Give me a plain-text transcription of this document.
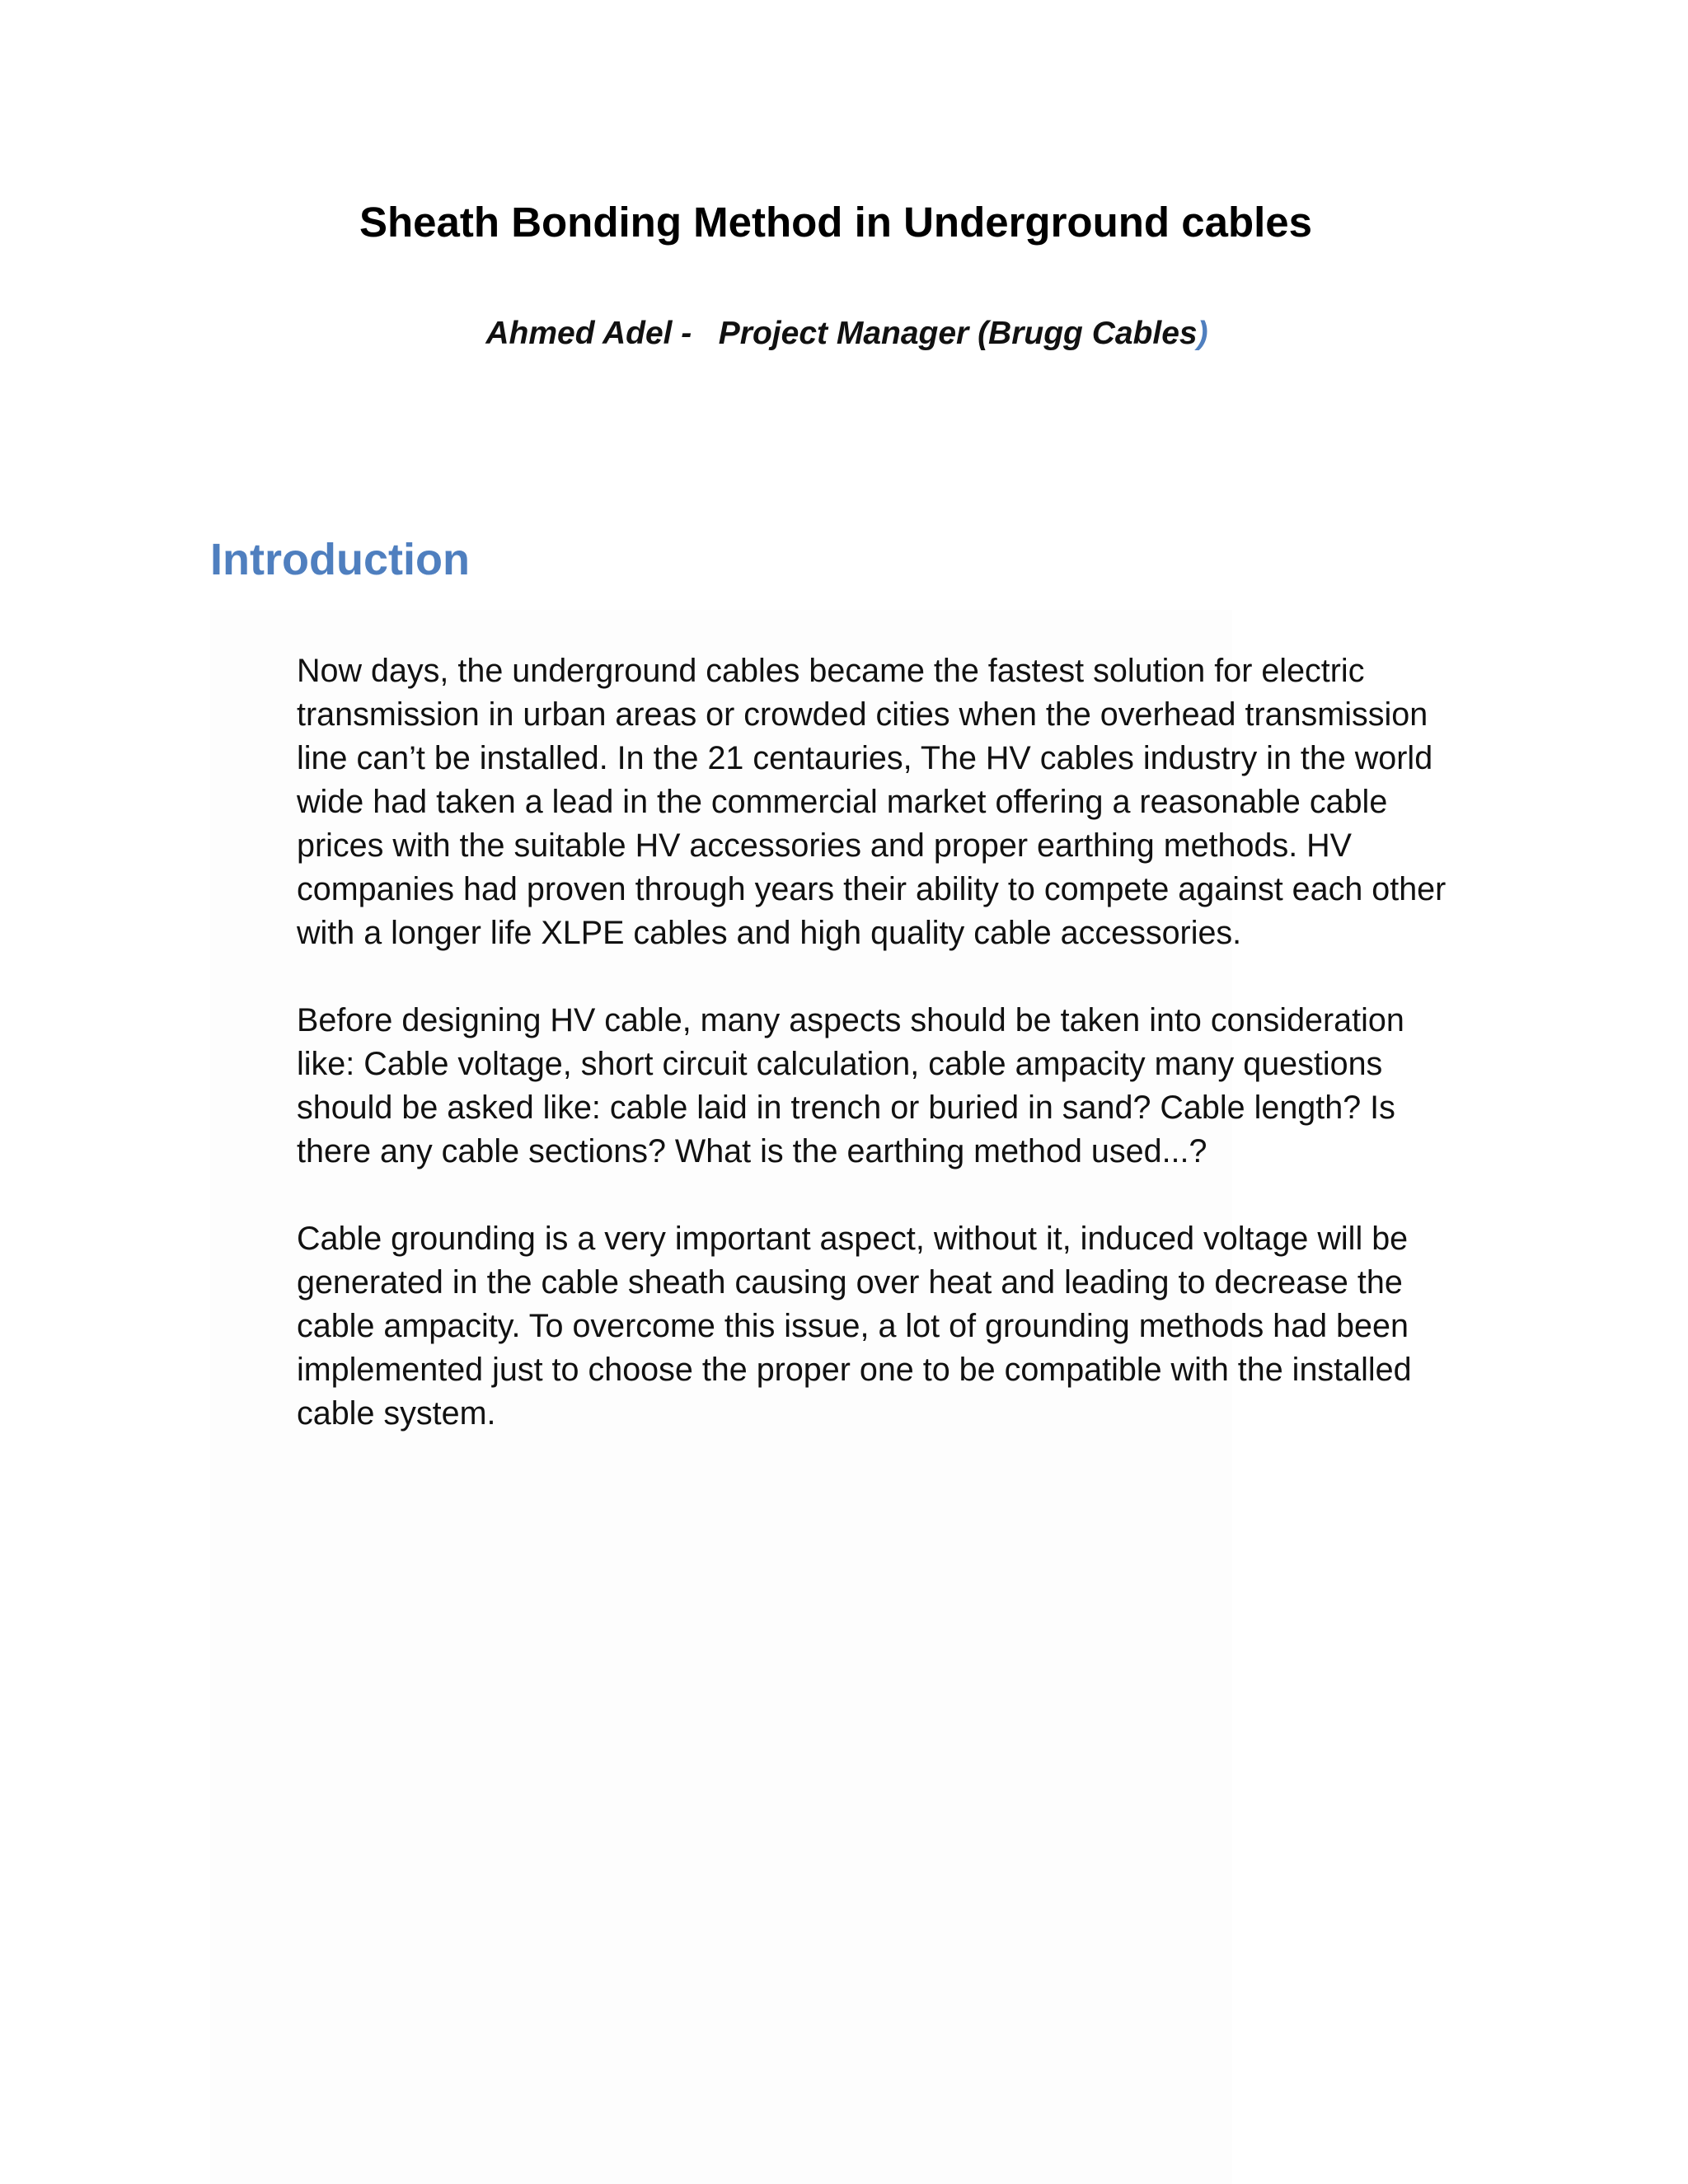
Sheath Bonding Method in Underground cables
Ahmed Adel -   Project Manager (Brugg Cables)
Introduction

Now days, the underground cables became the fastest solution for electric
transmission in urban areas or crowded cities when the overhead transmission
line can’t be installed. In the 21 centauries, The HV cables industry in the world
wide had taken a lead in the commercial market offering a reasonable cable
prices with the suitable HV accessories and proper earthing methods. HV
companies had proven through years their ability to compete against each other
with a longer life XLPE cables and high quality cable accessories.

Before designing HV cable, many aspects should be taken into consideration
like: Cable voltage, short circuit calculation, cable ampacity many questions
should be asked like: cable laid in trench or buried in sand? Cable length? Is
there any cable sections? What is the earthing method used...?

Cable grounding is a very important aspect, without it, induced voltage will be
generated in the cable sheath causing over heat and leading to decrease the
cable ampacity. To overcome this issue, a lot of grounding methods had been
implemented just to choose the proper one to be compatible with the installed
cable system.
